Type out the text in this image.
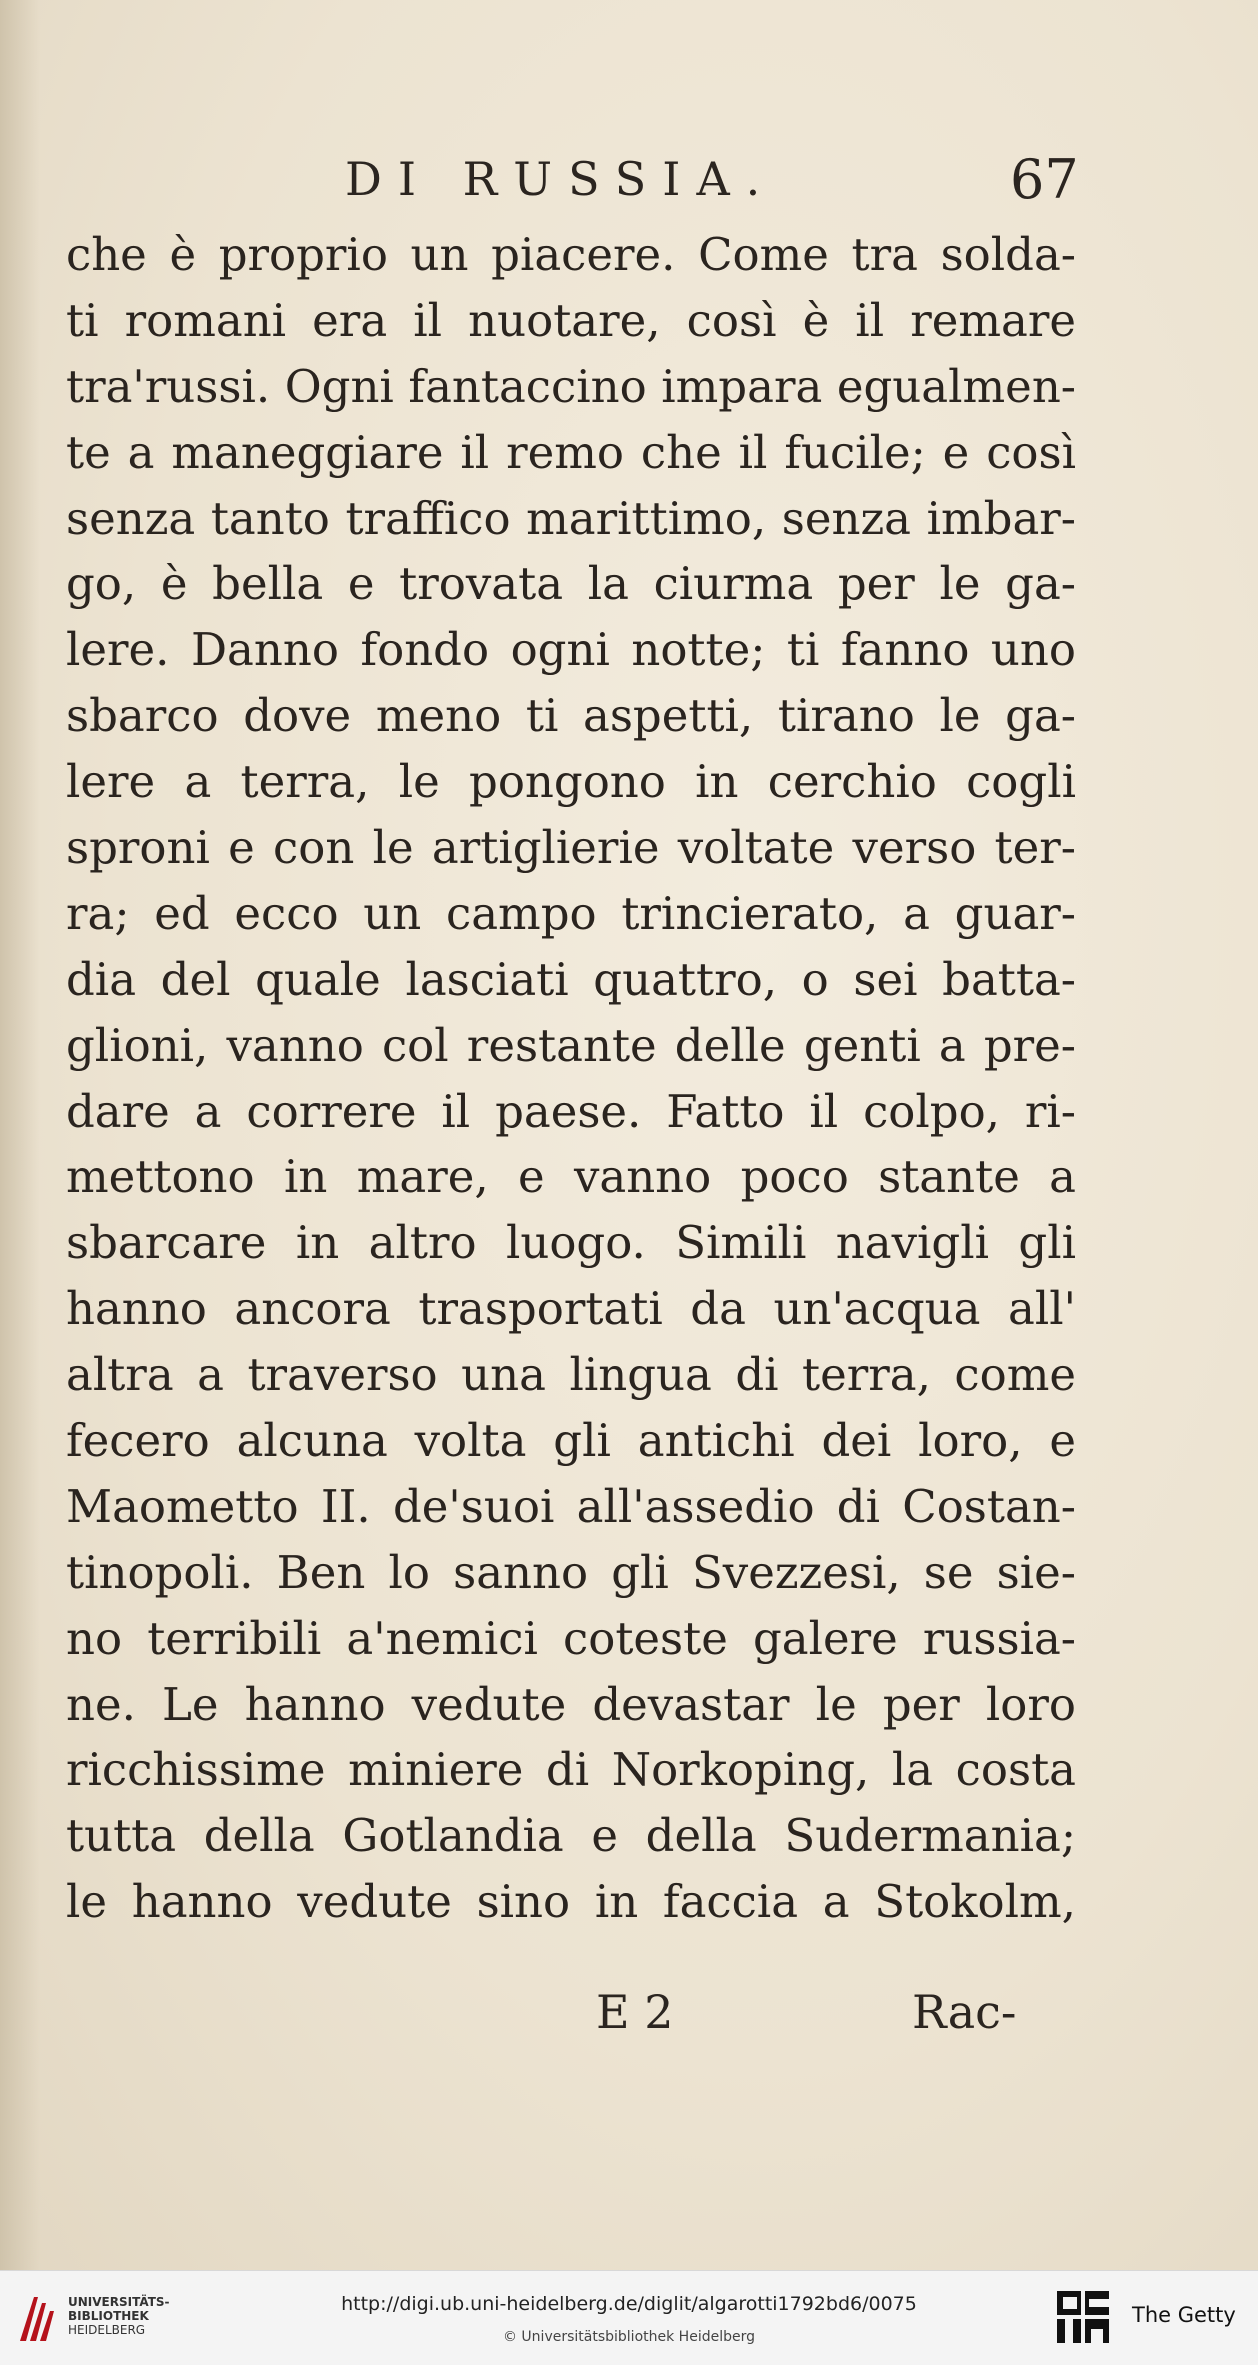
DI RUSSIA.	67
che è proprio un piacere. Come tra solda-
ti romani era il nuotare, così è il remare
tra'russi. Ogni fantaccino impara egualmen-
te a maneggiare il remo che il fucile; e così
senza tanto traffico marittimo, senza imbar-
go, è bella e trovata la ciurma per le ga-
lere. Danno fondo ogni notte; ti fanno uno
sbarco dove meno ti aspetti, tirano le ga-
lere a terra, le pongono in cerchio cogli
sproni e con le artiglierie voltate verso ter-
ra; ed ecco un campo trincierato, a guar-
dia del quale lasciati quattro, o sei batta-
glioni, vanno col restante delle genti a pre-
dare a correre il paese. Fatto il colpo, ri-
mettono in mare, e vanno poco stante a
sbarcare in altro luogo. Simili navigli gli
hanno ancora trasportati da un'acqua all'
altra a traverso una lingua di terra, come
fecero alcuna volta gli antichi dei loro, e
Maometto II. de'suoi all'assedio di Costan-
tinopoli. Ben lo sanno gli Svezzesi, se sie-
no terribili a'nemici coteste galere russia-
ne. Le hanno vedute devastar le per loro
ricchissime miniere di Norkoping, la costa
tutta della Gotlandia e della Sudermania;
le hanno vedute sino in faccia a Stokolm,
E 2	Rac-
UNIVERSITÄTS-
BIBLIOTHEK
HEIDELBERG
http://digi.ub.uni-heidelberg.de/diglit/algarotti1792bd6/0075
© Universitätsbibliothek Heidelberg
The Getty
